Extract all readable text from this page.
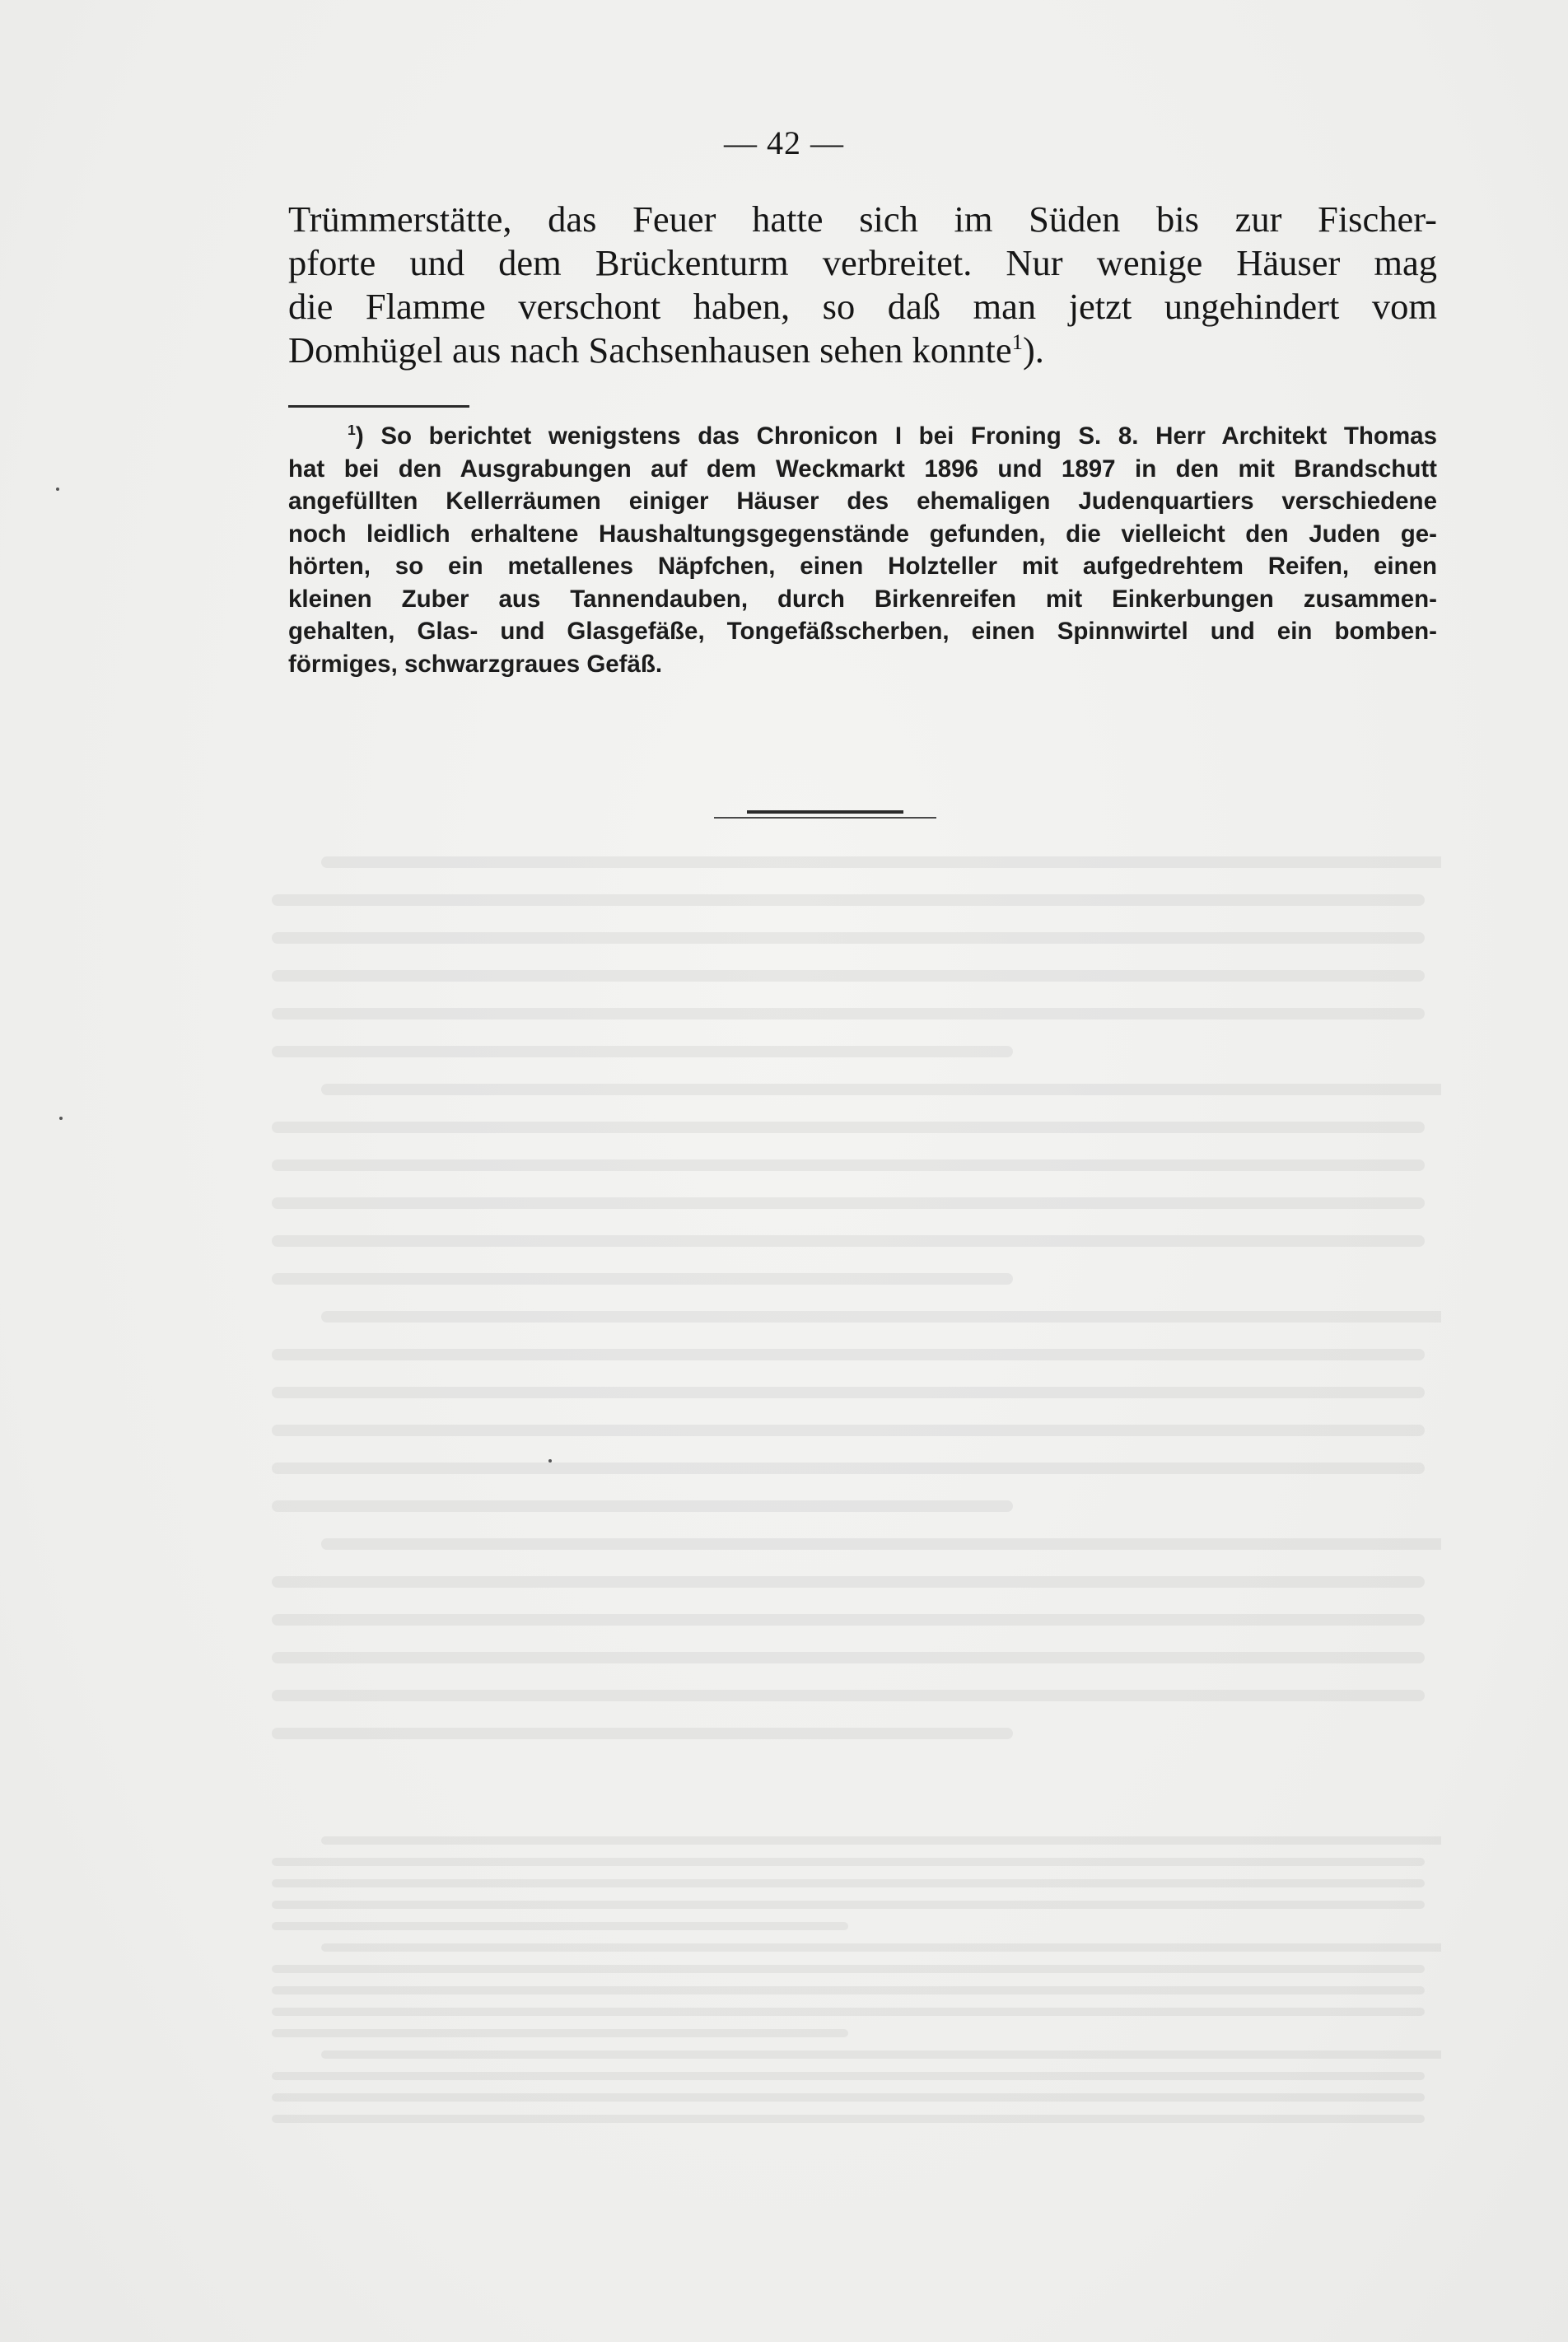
— 42 —
Trümmerstätte, das Feuer hatte sich im Süden bis zur Fischer-
pforte und dem Brückenturm verbreitet. Nur wenige Häuser mag
die Flamme verschont haben, so daß man jetzt ungehindert vom
Domhügel aus nach Sachsenhausen sehen konnte$^1$).
$^1$) So berichtet wenigstens das Chronicon I bei Froning S. 8. Herr Architekt Thomas
hat bei den Ausgrabungen auf dem Weckmarkt 1896 und 1897 in den mit Brandschutt
angefüllten Kellerräumen einiger Häuser des ehemaligen Judenquartiers verschiedene
noch leidlich erhaltene Haushaltungsgegenstände gefunden, die vielleicht den Juden ge-
hörten, so ein metallenes Näpfchen, einen Holzteller mit aufgedrehtem Reifen, einen
kleinen Zuber aus Tannendauben, durch Birkenreifen mit Einkerbungen zusammen-
gehalten, Glas- und Glasgefäße, Tongefäßscherben, einen Spinnwirtel und ein bomben-
förmiges, schwarzgraues Gefäß.
